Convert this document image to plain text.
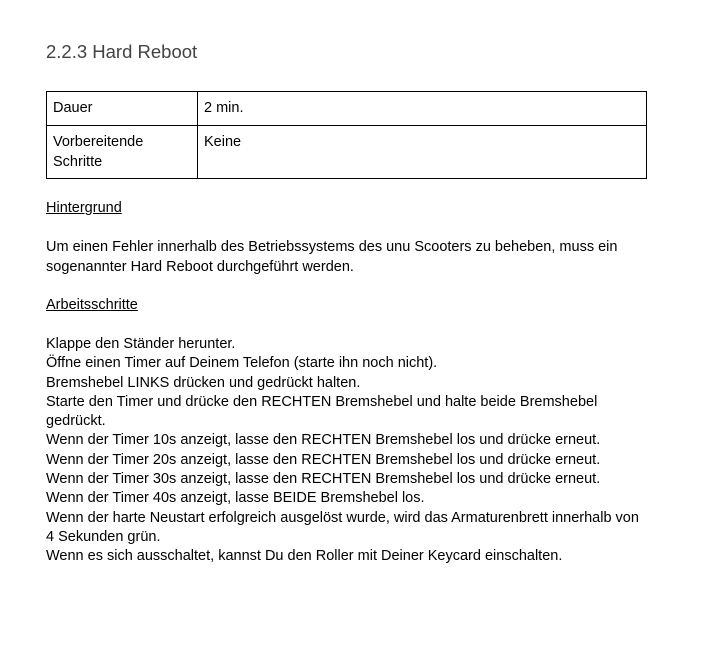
2.2.3 Hard Reboot
Dauer	2 min.
Vorbereitende
Schritte	Keine
Hintergrund

Um einen Fehler innerhalb des Betriebssystems des unu Scooters zu beheben, muss ein sogenannter Hard Reboot durchgeführt werden.

Arbeitsschritte
Klappe den Ständer herunter.
Öffne einen Timer auf Deinem Telefon (starte ihn noch nicht).
Bremshebel LINKS drücken und gedrückt halten.
Starte den Timer und drücke den RECHTEN Bremshebel und halte beide Bremshebel gedrückt.
Wenn der Timer 10s anzeigt, lasse den RECHTEN Bremshebel los und drücke erneut.
Wenn der Timer 20s anzeigt, lasse den RECHTEN Bremshebel los und drücke erneut.
Wenn der Timer 30s anzeigt, lasse den RECHTEN Bremshebel los und drücke erneut.
Wenn der Timer 40s anzeigt, lasse BEIDE Bremshebel los.
Wenn der harte Neustart erfolgreich ausgelöst wurde, wird das Armaturenbrett innerhalb von 4 Sekunden grün.
Wenn es sich ausschaltet, kannst Du den Roller mit Deiner Keycard einschalten.
